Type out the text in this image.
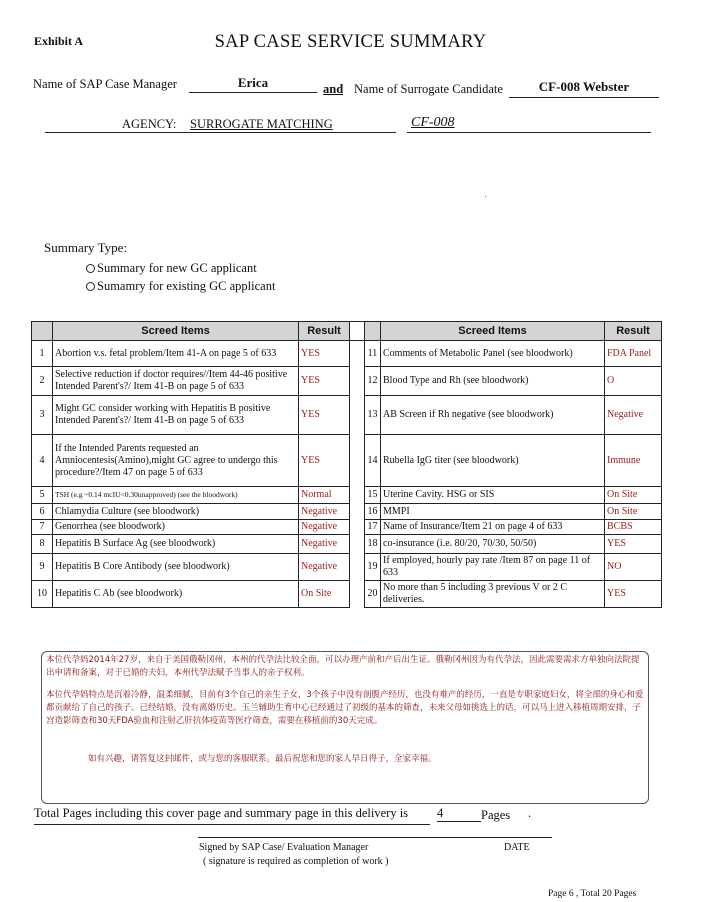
Exhibit A	SAP CASE SERVICE SUMMARY
Name of SAP Case Manager	Erica	and Name of Surrogate Candidate	CF-008 Webster
AGENCY: SURROGATE MATCHING	CF-008
Summary Type:
Summary for new GC applicant
Sumamry for existing GC applicant
	Screed Items	Result			Screed Items	Result
1	Abortion v.s. fetal problem/Item 41-A on page 5 of 633	YES		11	Comments of Metabolic Panel (see bloodwork)	FDA Panel
2	Selective reduction if doctor requires//Item 44-46 positive Intended Parent's?/ Item 41-B on page 5 of 633	YES		12	Blood Type and Rh (see bloodwork)	O
3	Might GC consider working with Hepatitis B positive Intended Parent's?/ Item 41-B on page 5 of 633	YES		13	AB Screen if Rh negative (see bloodwork)	Negative
4	If the Intended Parents requested an Amniocentesis(Amino),might GC agree to undergo this procedure?/Item 47 on page 5 of 633	YES		14	Rubella IgG titer (see bloodwork)	Immune
5	TSH (e.g ~0.14 mcIU<0.30unapproved) (see the bloodwork)	Normal		15	Uterine Cavity. HSG or SIS	On Site
6	Chlamydia Culture (see bloodwork)	Negative		16	MMPI	On Site
7	Genorrhea (see bloodwork)	Negative		17	Name of Insurance/Item 21 on page 4 of 633	BCBS
8	Hepatitis B Surface Ag (see bloodwork)	Negative		18	co-insurance (i.e. 80/20, 70/30, 50/50)	YES
9	Hepatitis B Core Antibody (see bloodwork)	Negative		19	If employed, hourly pay rate /Item 87 on page 11 of 633	NO
10	Hepatitis C Ab (see bloodwork)	On Site		20	No more than 5 including 3 previous V or 2 C deliveries.	YES

本位代孕妈2014年27岁，来自于美国俄勒冈州，本州的代孕法比较全面，可以办理产前和产后出生证。俄勒冈州因为有代孕法，因此需要需求方单独向法院提出申请和备案，对于已婚的夫妇，本州代孕法赋予当事人的亲子权利。

本位代孕妈特点是沉着冷静，温柔细腻，目前有3个自己的亲生子女，3个孩子中没有剖腹产经历，也没有难产的经历，一直是专职家庭妇女，将全部的身心和爱都贡献给了自己的孩子。已经结婚，没有离婚历史。玉兰辅助生育中心已经通过了初级的基本的筛查，未来父母如挑选上的话，可以马上进入移植周期安排，子宫造影筛查和30天FDA验血和注射乙肝抗体疫苗等医疗筛查，需要在移植前的30天完成。

如有兴趣，请答复这封邮件，或与您的客服联系。最后祝您和您的家人早日得子，全家幸福。

Total Pages including this cover page and summary page in this delivery is 4	Pages .
Signed by SAP Case/ Evaluation Manager
( signature is required as completion of work )
DATE
Page 6 , Total 20 Pages
